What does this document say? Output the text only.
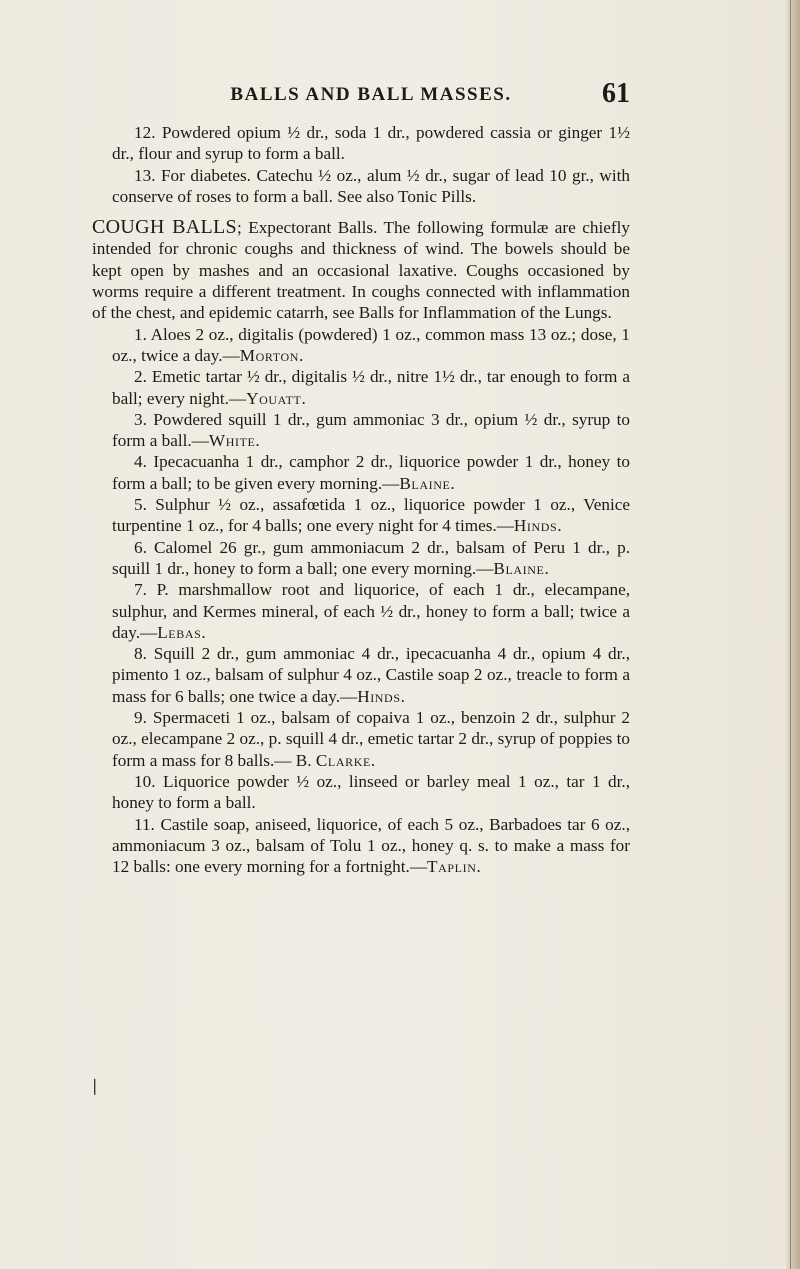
BALLS AND BALL MASSES.	61

12. Powdered opium ½ dr., soda 1 dr., powdered cassia or ginger 1½ dr., flour and syrup to form a ball.

13. For diabetes. Catechu ½ oz., alum ½ dr., sugar of lead 10 gr., with conserve of roses to form a ball. See also Tonic Pills.

COUGH BALLS; Expectorant Balls. The following formulæ are chiefly intended for chronic coughs and thickness of wind. The bowels should be kept open by mashes and an occasional laxative. Coughs occasioned by worms require a different treatment. In coughs connected with inflammation of the chest, and epidemic catarrh, see Balls for Inflammation of the Lungs.

1. Aloes 2 oz., digitalis (powdered) 1 oz., common mass 13 oz.; dose, 1 oz., twice a day.—Morton.

2. Emetic tartar ½ dr., digitalis ½ dr., nitre 1½ dr., tar enough to form a ball; every night.—Youatt.

3. Powdered squill 1 dr., gum ammoniac 3 dr., opium ½ dr., syrup to form a ball.—White.

4. Ipecacuanha 1 dr., camphor 2 dr., liquorice powder 1 dr., honey to form a ball; to be given every morning.—Blaine.

5. Sulphur ½ oz., assafœtida 1 oz., liquorice powder 1 oz., Venice turpentine 1 oz., for 4 balls; one every night for 4 times.—Hinds.

6. Calomel 26 gr., gum ammoniacum 2 dr., balsam of Peru 1 dr., p. squill 1 dr., honey to form a ball; one every morning.—Blaine.

7. P. marshmallow root and liquorice, of each 1 dr., elecampane, sulphur, and Kermes mineral, of each ½ dr., honey to form a ball; twice a day.—Lebas.

8. Squill 2 dr., gum ammoniac 4 dr., ipecacuanha 4 dr., opium 4 dr., pimento 1 oz., balsam of sulphur 4 oz., Castile soap 2 oz., treacle to form a mass for 6 balls; one twice a day.—Hinds.

9. Spermaceti 1 oz., balsam of copaiva 1 oz., benzoin 2 dr., sulphur 2 oz., elecampane 2 oz., p. squill 4 dr., emetic tartar 2 dr., syrup of poppies to form a mass for 8 balls.— B. Clarke.

10. Liquorice powder ½ oz., linseed or barley meal 1 oz., tar 1 dr., honey to form a ball.

11. Castile soap, aniseed, liquorice, of each 5 oz., Barbadoes tar 6 oz., ammoniacum 3 oz., balsam of Tolu 1 oz., honey q. s. to make a mass for 12 balls: one every morning for a fortnight.—Taplin.

❘
